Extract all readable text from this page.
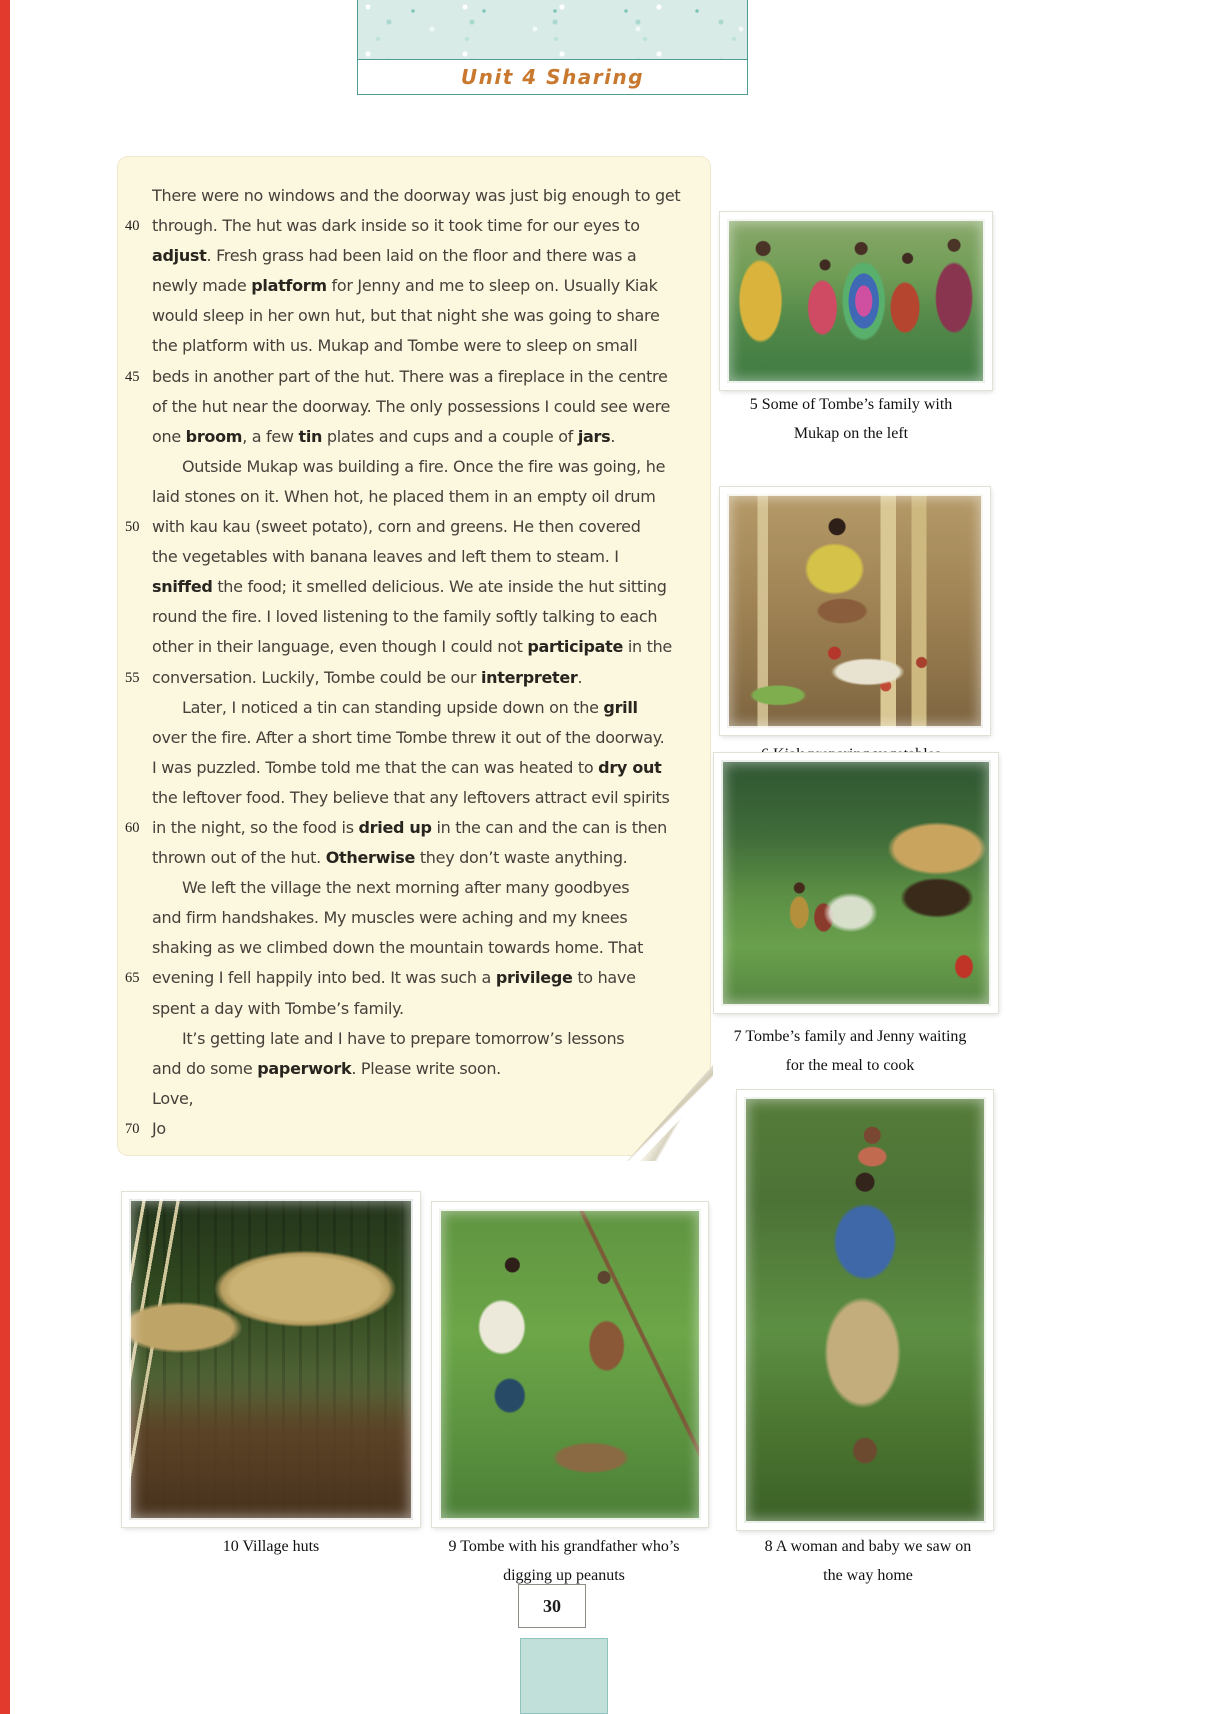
Unit 4 Sharing
There were no windows and the doorway was just big enough to get
40 through. The hut was dark inside so it took time for our eyes to
adjust. Fresh grass had been laid on the floor and there was a
newly made platform for Jenny and me to sleep on. Usually Kiak
would sleep in her own hut, but that night she was going to share
the platform with us. Mukap and Tombe were to sleep on small
45 beds in another part of the hut. There was a fireplace in the centre
of the hut near the doorway. The only possessions I could see were
one broom, a few tin plates and cups and a couple of jars.
Outside Mukap was building a fire. Once the fire was going, he
laid stones on it. When hot, he placed them in an empty oil drum
50 with kau kau (sweet potato), corn and greens. He then covered
the vegetables with banana leaves and left them to steam. I
sniffed the food; it smelled delicious. We ate inside the hut sitting
round the fire. I loved listening to the family softly talking to each
other in their language, even though I could not participate in the
55 conversation. Luckily, Tombe could be our interpreter.
Later, I noticed a tin can standing upside down on the grill
over the fire. After a short time Tombe threw it out of the doorway.
I was puzzled. Tombe told me that the can was heated to dry out
the leftover food. They believe that any leftovers attract evil spirits
60 in the night, so the food is dried up in the can and the can is then
thrown out of the hut. Otherwise they don’t waste anything.
We left the village the next morning after many goodbyes
and firm handshakes. My muscles were aching and my knees
shaking as we climbed down the mountain towards home. That
65 evening I fell happily into bed. It was such a privilege to have
spent a day with Tombe’s family.
It’s getting late and I have to prepare tomorrow’s lessons
and do some paperwork. Please write soon.
Love,
70 Jo
5 Some of Tombe’s family with
Mukap on the left
7 Tombe’s family and Jenny waiting
for the meal to cook
8 A woman and baby we saw on
the way home
10 Village huts	9 Tombe with his grandfather who’s
digging up peanuts
30
